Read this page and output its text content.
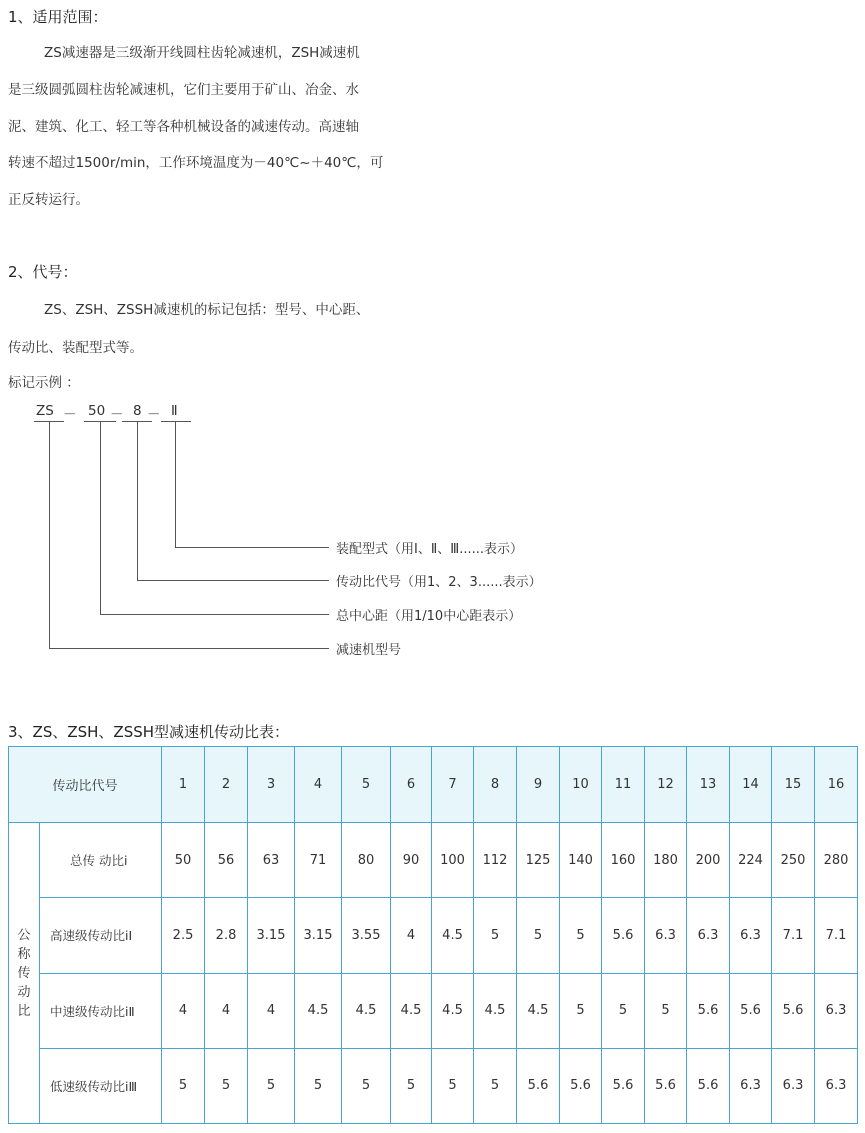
1、适用范围：
ZS减速器是三级渐开线圆柱齿轮减速机，ZSH减速机
是三级圆弧圆柱齿轮减速机，它们主要用于矿山、冶金、水
泥、建筑、化工、轻工等各种机械设备的减速传动。高速轴
转速不超过1500r/min，工作环境温度为－40℃~＋40℃，可
正反转运行。
2、代号：
ZS、ZSH、ZSSH减速机的标记包括：型号、中心距、
传动比、装配型式等。
标记示例 ：
ZS － 50 － 8 － Ⅱ
装配型式（用Ⅰ、Ⅱ、Ⅲ......表示）
传动比代号（用1、2、3......表示）
总中心距（用1/10中心距表示）
减速机型号
3、ZS、ZSH、ZSSH型减速机传动比表：
传动比代号		1	2	3	4	5	6	7	8	9	10	11	12	13	14	15	16
公称传动比	总传 动比i	50	56	63	71	80	90	100	112	125	140	160	180	200	224	250	280
	高速级传动比iⅠ	2.5	2.8	3.15	3.15	3.55	4	4.5	5	5	5	5.6	6.3	6.3	6.3	7.1	7.1
	中速级传动比iⅡ	4	4	4	4.5	4.5	4.5	4.5	4.5	4.5	5	5	5	5.6	5.6	5.6	6.3
	低速级传动比iⅢ	5	5	5	5	5	5	5	5	5.6	5.6	5.6	5.6	5.6	6.3	6.3	6.3
